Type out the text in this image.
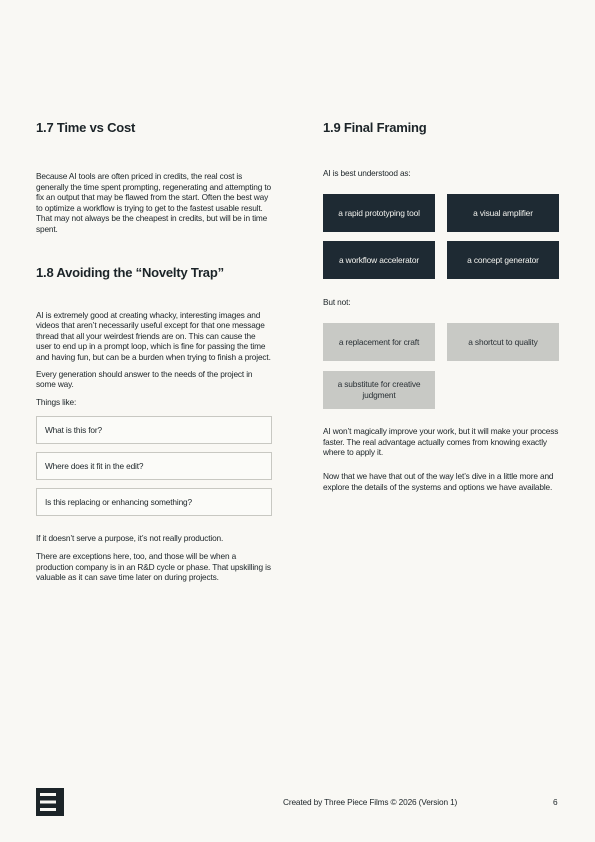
1.7 Time vs Cost

Because AI tools are often priced in credits, the real cost is generally the time spent prompting, regenerating and attempting to fix an output that may be flawed from the start. Often the best way to optimize a workflow is trying to get to the fastest usable result. That may not always be the cheapest in credits, but will be in time spent.

1.8 Avoiding the “Novelty Trap”

AI is extremely good at creating whacky, interesting images and videos that aren’t necessarily useful except for that one message thread that all your weirdest friends are on. This can cause the user to end up in a prompt loop, which is fine for passing the time and having fun, but can be a burden when trying to finish a project.

Every generation should answer to the needs of the project in some way.

Things like:

What is this for?
Where does it fit in the edit?
Is this replacing or enhancing something?

If it doesn’t serve a purpose, it’s not really production.

There are exceptions here, too, and those will be when a production company is in an R&D cycle or phase. That upskilling is valuable as it can save time later on during projects.

1.9 Final Framing

AI is best understood as:

a rapid prototyping tool	a visual amplifier
a workflow accelerator	a concept generator

But not:

a replacement for craft	a shortcut to quality
a substitute for creative judgment

AI won’t magically improve your work, but it will make your process faster. The real advantage actually comes from knowing exactly where to apply it.

Now that we have that out of the way let’s dive in a little more and explore the details of the systems and options we have available.

Created by Three Piece Films © 2026 (Version 1)	6
